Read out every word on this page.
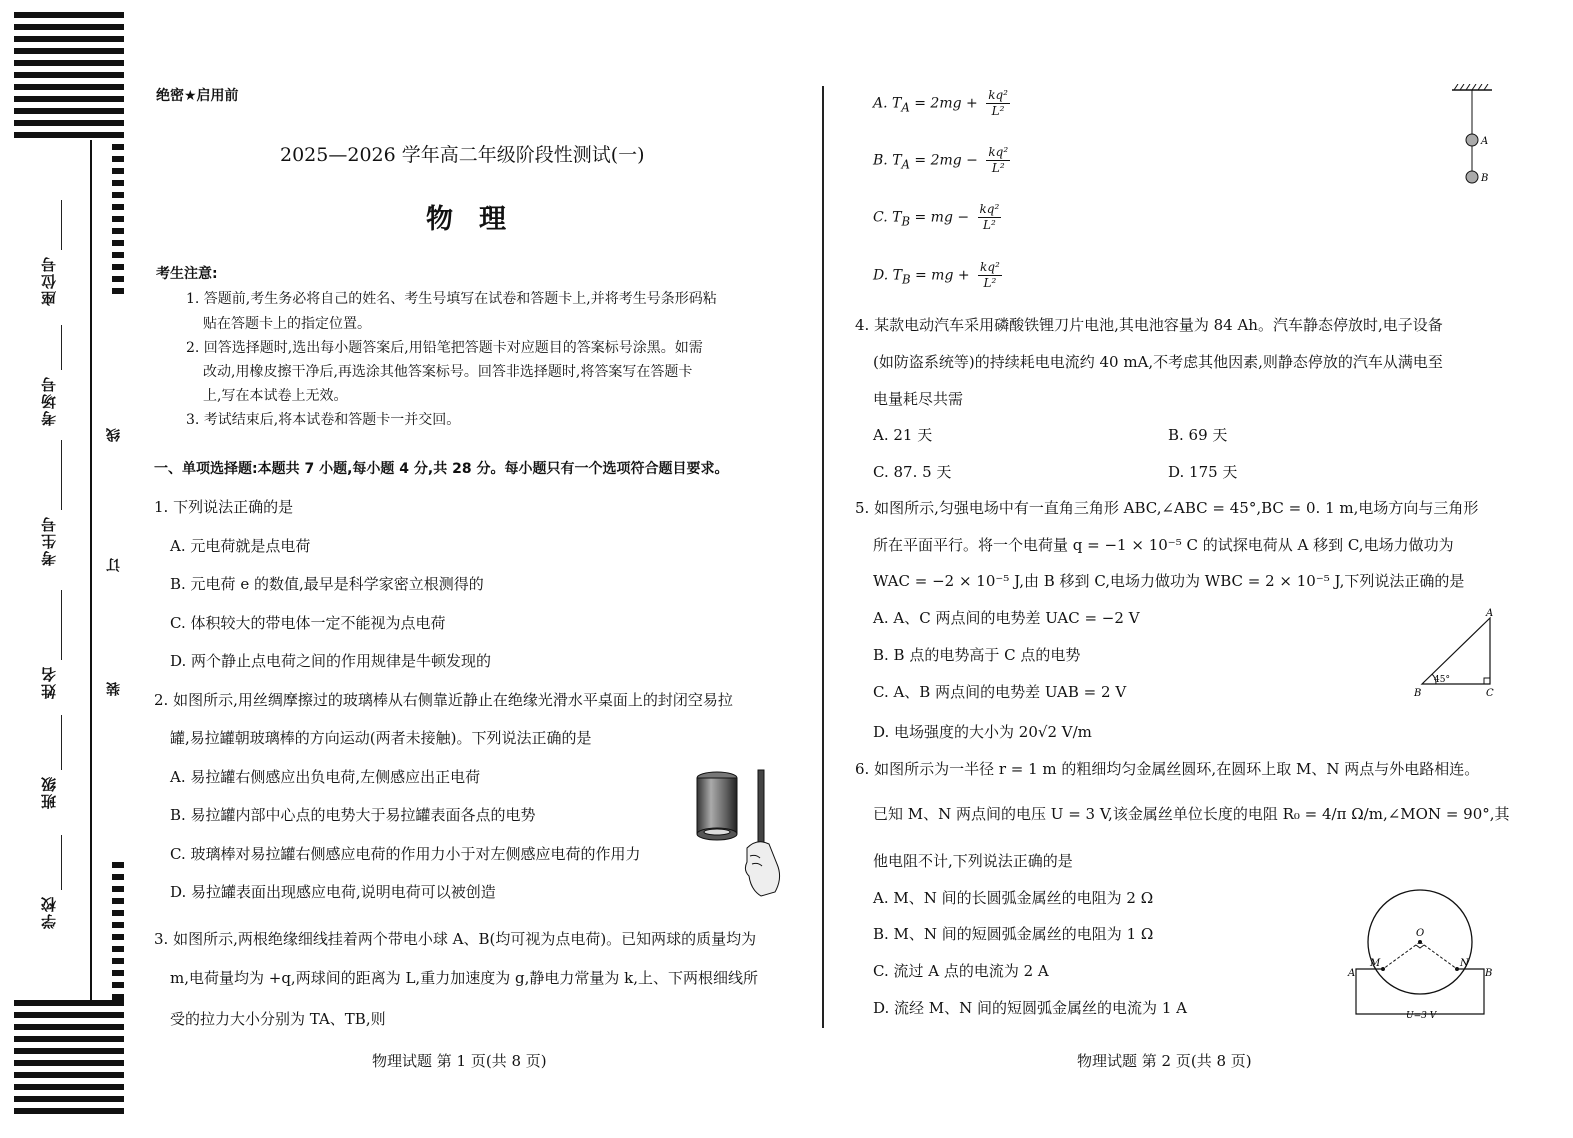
座位号
考场号
考生号
姓名
班级
学校
线
订
装
绝密★启用前
2025—2026 学年高二年级阶段性测试(一)
物理
考生注意:
1. 答题前,考生务必将自己的姓名、考生号填写在试卷和答题卡上,并将考生号条形码粘
贴在答题卡上的指定位置。
2. 回答选择题时,选出每小题答案后,用铅笔把答题卡对应题目的答案标号涂黑。如需
改动,用橡皮擦干净后,再选涂其他答案标号。回答非选择题时,将答案写在答题卡
上,写在本试卷上无效。
3. 考试结束后,将本试卷和答题卡一并交回。
一、单项选择题:本题共 7 小题,每小题 4 分,共 28 分。每小题只有一个选项符合题目要求。
1. 下列说法正确的是
A. 元电荷就是点电荷
B. 元电荷 e 的数值,最早是科学家密立根测得的
C. 体积较大的带电体一定不能视为点电荷
D. 两个静止点电荷之间的作用规律是牛顿发现的
2. 如图所示,用丝绸摩擦过的玻璃棒从右侧靠近静止在绝缘光滑水平桌面上的封闭空易拉
罐,易拉罐朝玻璃棒的方向运动(两者未接触)。下列说法正确的是
A. 易拉罐右侧感应出负电荷,左侧感应出正电荷
B. 易拉罐内部中心点的电势大于易拉罐表面各点的电势
C. 玻璃棒对易拉罐右侧感应电荷的作用力小于对左侧感应电荷的作用力
D. 易拉罐表面出现感应电荷,说明电荷可以被创造
3. 如图所示,两根绝缘细线挂着两个带电小球 A、B(均可视为点电荷)。已知两球的质量均为
m,电荷量均为 +q,两球间的距离为 L,重力加速度为 g,静电力常量为 k,上、下两根细线所
受的拉力大小分别为 TA、TB,则
物理试题 第 1 页(共 8 页)
A. $T_A = 2mg + \frac{\text{kq²}}{\text{L²}}$
B. $T_A = 2mg - \frac{\text{kq²}}{\text{L²}}$
C. $T_B$ = mg − $\frac{\text{kq²}}{\text{L²}}$
D. $T_B$ = mg + $\frac{\text{kq²}}{\text{L²}}$
A
B
4. 某款电动汽车采用磷酸铁锂刀片电池,其电池容量为 84 Ah。汽车静态停放时,电子设备
(如防盗系统等)的持续耗电电流约 40 mA,不考虑其他因素,则静态停放的汽车从满电至
电量耗尽共需
A. 21 天	B. 69 天
C. 87. 5 天	D. 175 天
5. 如图所示,匀强电场中有一直角三角形 ABC,∠ABC = 45°,BC = 0. 1 m,电场方向与三角形
所在平面平行。将一个电荷量 q = −1 × 10⁻⁵ C 的试探电荷从 A 移到 C,电场力做功为
WAC = −2 × 10⁻⁵ J,由 B 移到 C,电场力做功为 WBC = 2 × 10⁻⁵ J,下列说法正确的是
A. A、C 两点间的电势差 UAC = −2 V
B. B 点的电势高于 C 点的电势
C. A、B 两点间的电势差 UAB = 2 V
D. 电场强度的大小为 20√2 V/m
A
B	C
45°
6. 如图所示为一半径 r = 1 m 的粗细均匀金属丝圆环,在圆环上取 M、N 两点与外电路相连。
已知 M、N 两点间的电压 U = 3 V,该金属丝单位长度的电阻 R₀ = 4/π Ω/m,∠MON = 90°,其
他电阻不计,下列说法正确的是
A. M、N 间的长圆弧金属丝的电阻为 2 Ω
B. M、N 间的短圆弧金属丝的电阻为 1 Ω
C. 流过 A 点的电流为 2 A
D. 流经 M、N 间的短圆弧金属丝的电流为 1 A
O
M	N
A	B
U=3 V
物理试题 第 2 页(共 8 页)
